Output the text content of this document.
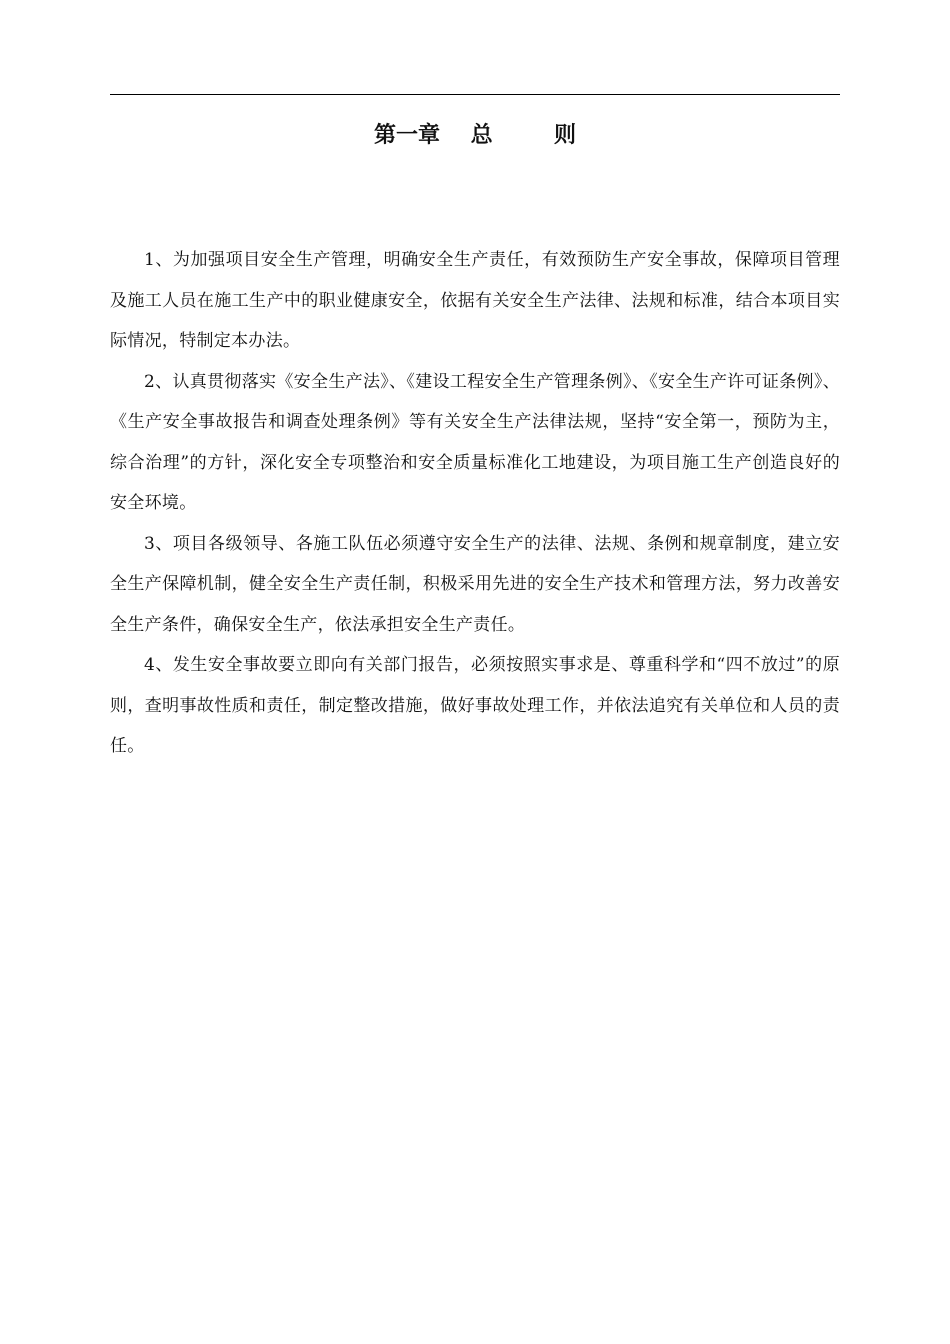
第一章    总        则

1、为加强项目安全生产管理，明确安全生产责任，有效预防生产安全事故，保障项目管理及施工人员在施工生产中的职业健康安全，依据有关安全生产法律、法规和标准，结合本项目实际情况，特制定本办法。

2、认真贯彻落实《安全生产法》、《建设工程安全生产管理条例》、《安全生产许可证条例》、《生产安全事故报告和调查处理条例》等有关安全生产法律法规，坚持“安全第一，预防为主，综合治理”的方针，深化安全专项整治和安全质量标准化工地建设，为项目施工生产创造良好的安全环境。

3、项目各级领导、各施工队伍必须遵守安全生产的法律、法规、条例和规章制度，建立安全生产保障机制，健全安全生产责任制，积极采用先进的安全生产技术和管理方法，努力改善安全生产条件，确保安全生产，依法承担安全生产责任。

4、发生安全事故要立即向有关部门报告，必须按照实事求是、尊重科学和“四不放过”的原则，查明事故性质和责任，制定整改措施，做好事故处理工作，并依法追究有关单位和人员的责任。
